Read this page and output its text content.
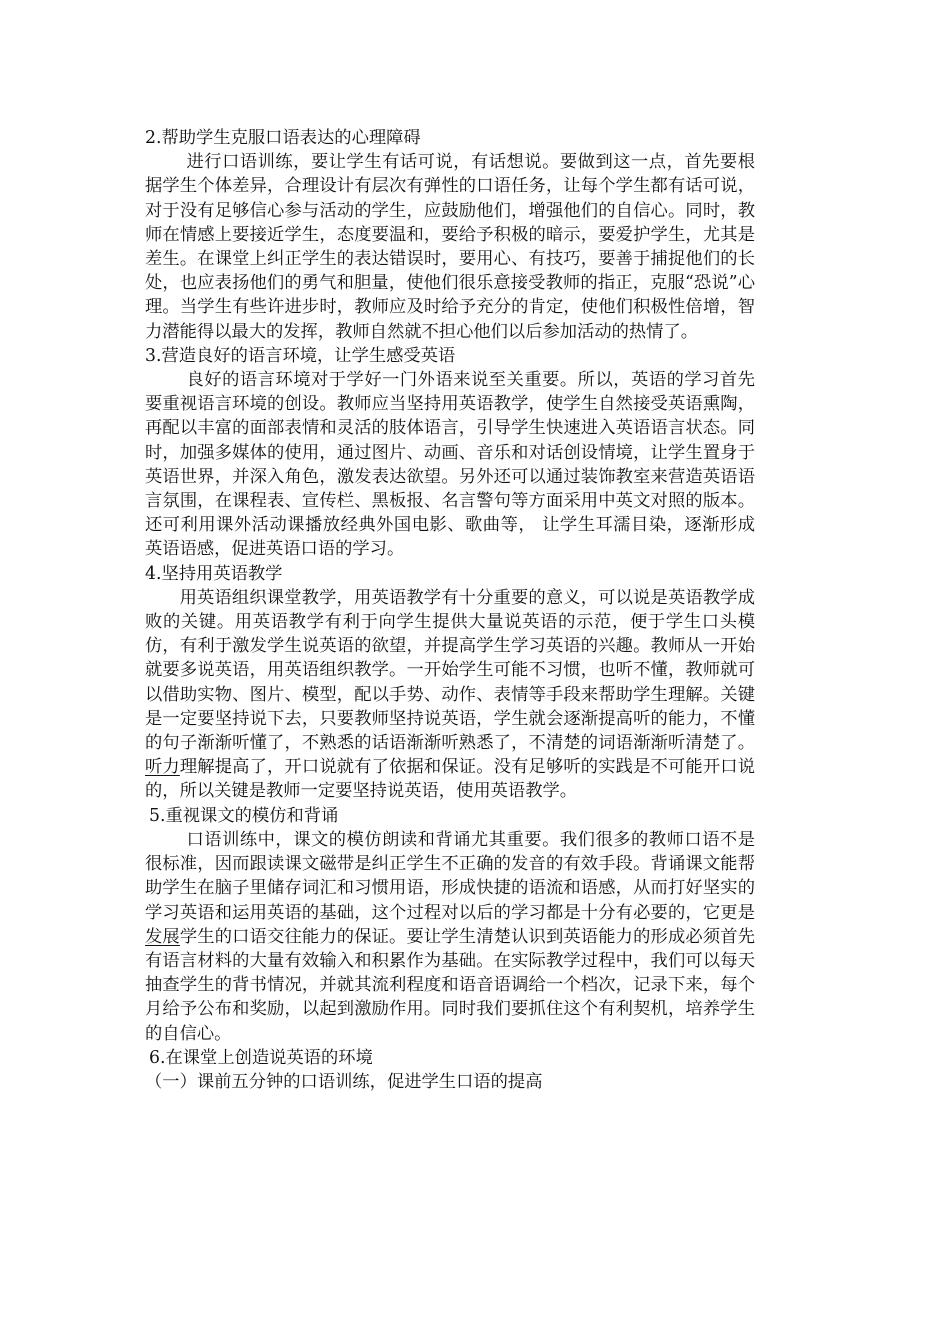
2.帮助学生克服口语表达的心理障碍

进行口语训练，要让学生有话可说，有话想说。要做到这一点，首先要根据学生个体差异，合理设计有层次有弹性的口语任务，让每个学生都有话可说，对于没有足够信心参与活动的学生，应鼓励他们，增强他们的自信心。同时，教师在情感上要接近学生，态度要温和，要给予积极的暗示，要爱护学生，尤其是差生。在课堂上纠正学生的表达错误时，要用心、有技巧，要善于捕捉他们的长处，也应表扬他们的勇气和胆量，使他们很乐意接受教师的指正，克服“恐说”心理。当学生有些许进步时，教师应及时给予充分的肯定，使他们积极性倍增，智力潜能得以最大的发挥，教师自然就不担心他们以后参加活动的热情了。

3.营造良好的语言环境，让学生感受英语

良好的语言环境对于学好一门外语来说至关重要。所以，英语的学习首先要重视语言环境的创设。教师应当坚持用英语教学，使学生自然接受英语熏陶，再配以丰富的面部表情和灵活的肢体语言，引导学生快速进入英语语言状态。同时，加强多媒体的使用，通过图片、动画、音乐和对话创设情境，让学生置身于英语世界，并深入角色，激发表达欲望。另外还可以通过装饰教室来营造英语语言氛围，在课程表、宣传栏、黑板报、名言警句等方面采用中英文对照的版本。还可利用课外活动课播放经典外国电影、歌曲等， 让学生耳濡目染，逐渐形成英语语感，促进英语口语的学习。

4.坚持用英语教学

用英语组织课堂教学，用英语教学有十分重要的意义，可以说是英语教学成败的关键。用英语教学有利于向学生提供大量说英语的示范，便于学生口头模仿，有利于激发学生说英语的欲望，并提高学生学习英语的兴趣。教师从一开始就要多说英语，用英语组织教学。一开始学生可能不习惯，也听不懂，教师就可以借助实物、图片、模型，配以手势、动作、表情等手段来帮助学生理解。关键是一定要坚持说下去，只要教师坚持说英语，学生就会逐渐提高听的能力，不懂的句子渐渐听懂了，不熟悉的话语渐渐听熟悉了，不清楚的词语渐渐听清楚了。听力理解提高了，开口说就有了依据和保证。没有足够听的实践是不可能开口说的，所以关键是教师一定要坚持说英语，使用英语教学。

5.重视课文的模仿和背诵

口语训练中，课文的模仿朗读和背诵尤其重要。我们很多的教师口语不是很标准，因而跟读课文磁带是纠正学生不正确的发音的有效手段。背诵课文能帮助学生在脑子里储存词汇和习惯用语，形成快捷的语流和语感，从而打好坚实的学习英语和运用英语的基础，这个过程对以后的学习都是十分有必要的，它更是发展学生的口语交往能力的保证。要让学生清楚认识到英语能力的形成必须首先有语言材料的大量有效输入和积累作为基础。在实际教学过程中，我们可以每天抽查学生的背书情况，并就其流利程度和语音语调给一个档次，记录下来，每个月给予公布和奖励，以起到激励作用。同时我们要抓住这个有利契机，培养学生的自信心。

6.在课堂上创造说英语的环境

（一）课前五分钟的口语训练，促进学生口语的提高
